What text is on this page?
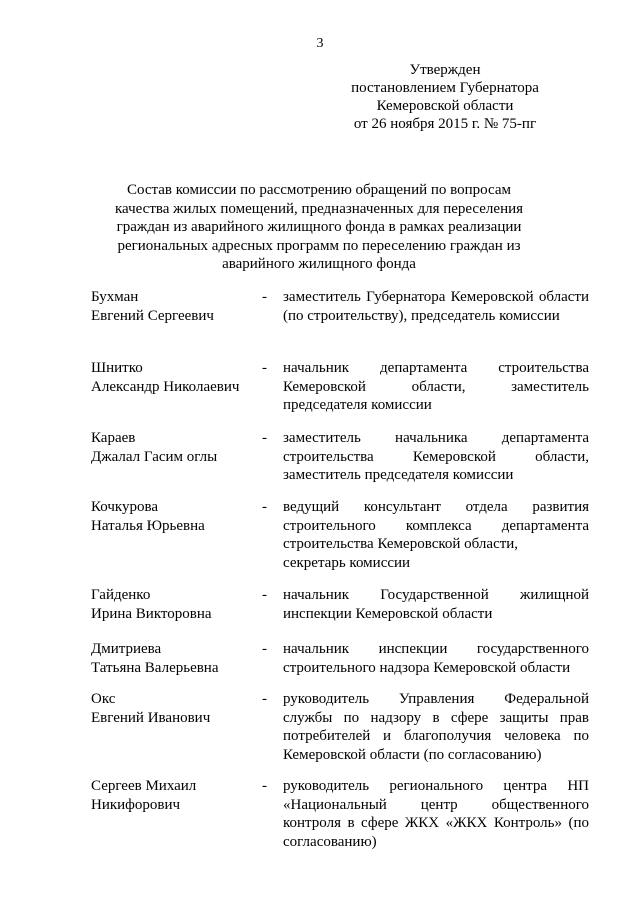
3
Утвержден
постановлением Губернатора
Кемеровской области
от 26 ноября 2015 г. № 75-пг
Состав комиссии по рассмотрению обращений по вопросам качества жилых помещений, предназначенных для переселения граждан из аварийного жилищного фонда в рамках реализации региональных адресных программ по переселению граждан из аварийного жилищного фонда
Бухман
Евгений Сергеевич
- заместитель Губернатора Кемеровской области (по строительству), председатель комиссии
Шнитко
Александр Николаевич
- начальник департамента строительства Кемеровской области, заместитель председателя комиссии
Караев
Джалал Гасим оглы
- заместитель начальника департамента строительства Кемеровской области, заместитель председателя комиссии
Кочкурова
Наталья Юрьевна
- ведущий консультант отдела развития строительного комплекса департамента строительства Кемеровской области,
секретарь комиссии
Гайденко
Ирина Викторовна
- начальник Государственной жилищной инспекции Кемеровской области
Дмитриева
Татьяна Валерьевна
- начальник инспекции государственного строительного надзора Кемеровской области
Окс
Евгений Иванович
- руководитель Управления Федеральной службы по надзору в сфере защиты прав потребителей и благополучия человека по Кемеровской области (по согласованию)
Сергеев Михаил
Никифорович
- руководитель регионального центра НП «Национальный центр общественного контроля в сфере ЖКХ «ЖКХ Контроль» (по согласованию)
